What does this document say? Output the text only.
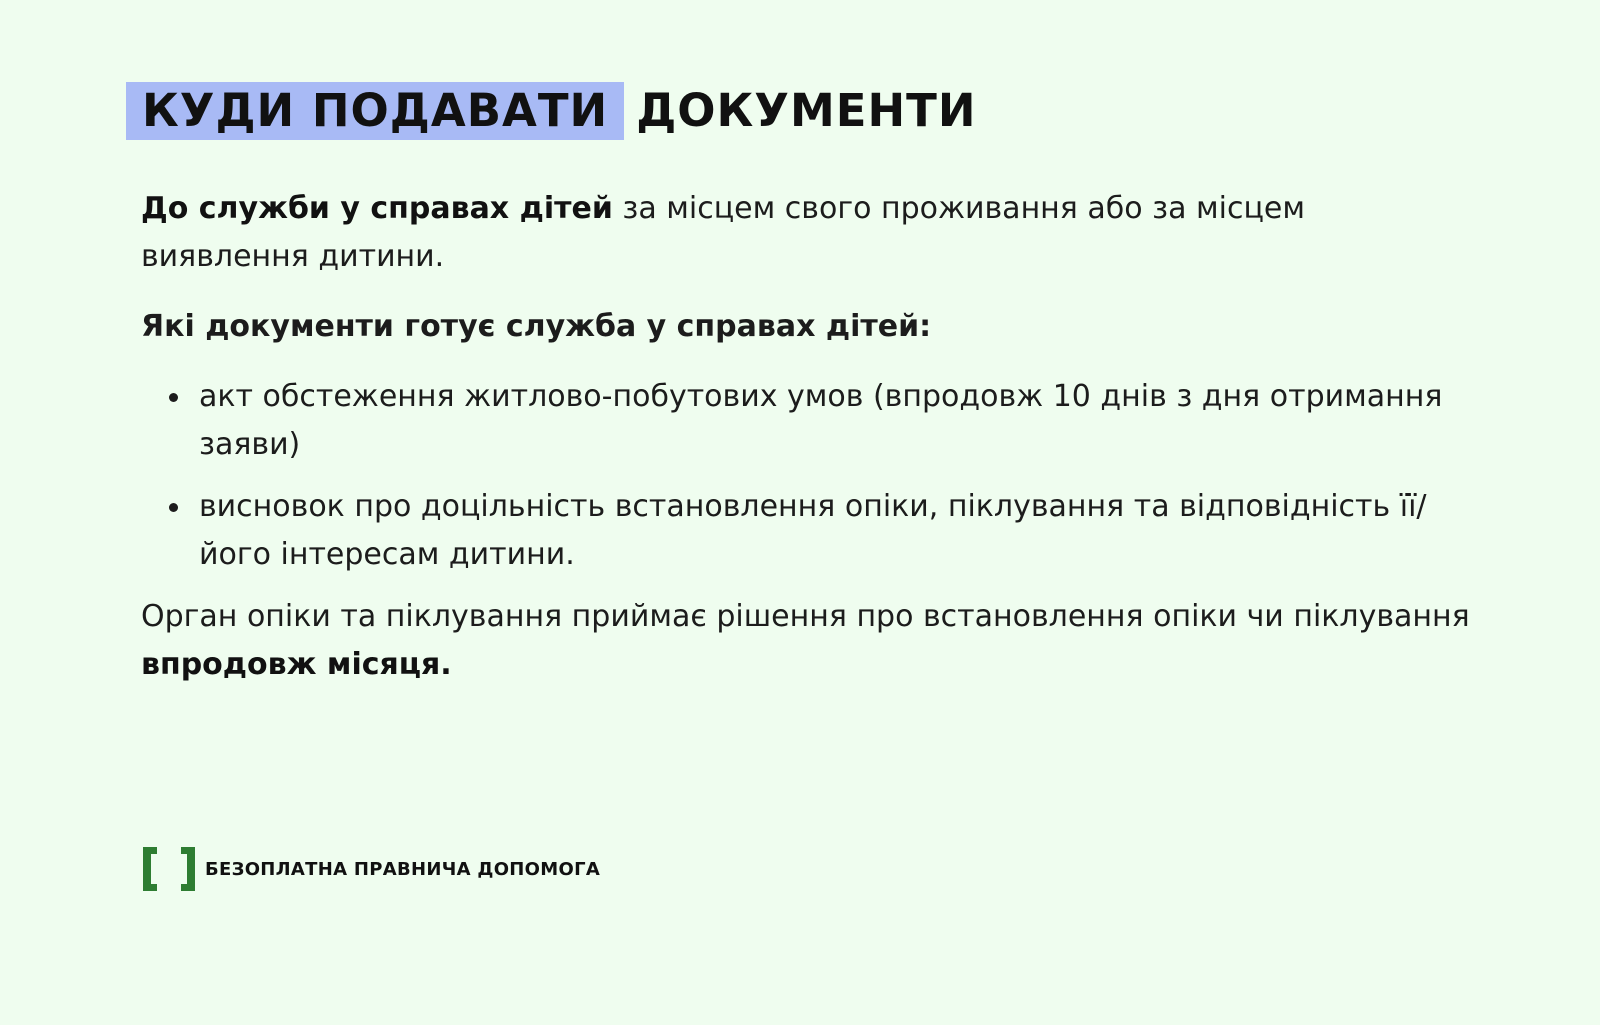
КУДИ ПОДАВАТИ ДОКУМЕНТИ

До служби у справах дітей за місцем свого проживання або за місцем виявлення дитини.

Які документи готує служба у справах дітей:

акт обстеження житлово-побутових умов (впродовж 10 днів з дня отримання заяви)
висновок про доцільність встановлення опіки, піклування та відповідність її/його інтересам дитини.

Орган опіки та піклування приймає рішення про встановлення опіки чи піклування впродовж місяця.

БЕЗОПЛАТНА ПРАВНИЧА ДОПОМОГА
